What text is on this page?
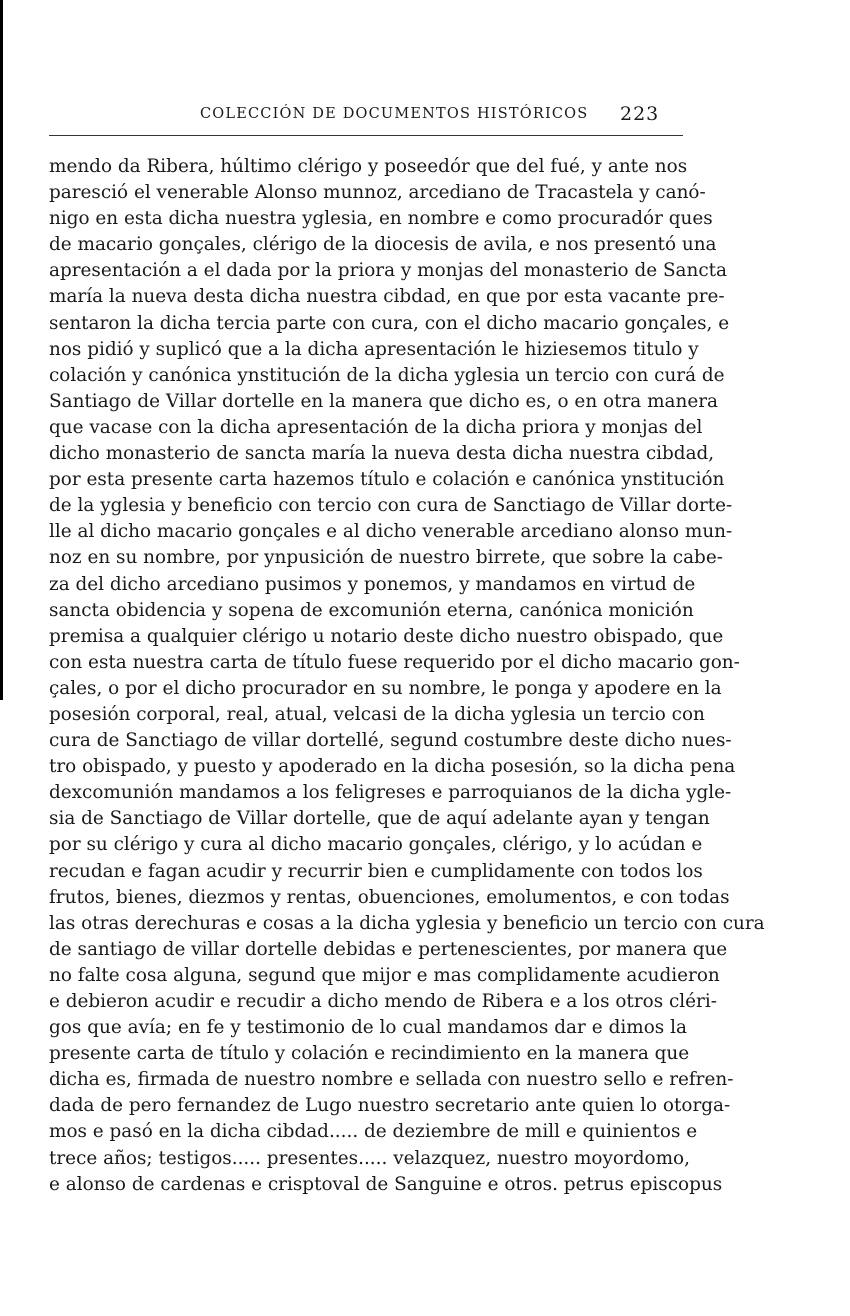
COLECCIÓN DE DOCUMENTOS HISTÓRICOS 223
mendo da Ribera, húltimo clérigo y poseedór que del fué, y ante nos
paresció el venerable Alonso munnoz, arcediano de Tracastela y canó-
nigo en esta dicha nuestra yglesia, en nombre e como procuradór ques
de macario gonçales, clérigo de la diocesis de avila, e nos presentó una
apresentación a el dada por la priora y monjas del monasterio de Sancta
maría la nueva desta dicha nuestra cibdad, en que por esta vacante pre-
sentaron la dicha tercia parte con cura, con el dicho macario gonçales, e
nos pidió y suplicó que a la dicha apresentación le hiziesemos titulo y
colación y canónica ynstitución de la dicha yglesia un tercio con curá de
Santiago de Villar dortelle en la manera que dicho es, o en otra manera
que vacase con la dicha apresentación de la dicha priora y monjas del
dicho monasterio de sancta maría la nueva desta dicha nuestra cibdad,
por esta presente carta hazemos título e colación e canónica ynstitución
de la yglesia y beneficio con tercio con cura de Sanctiago de Villar dorte-
lle al dicho macario gonçales e al dicho venerable arcediano alonso mun-
noz en su nombre, por ynpusición de nuestro birrete, que sobre la cabe-
za del dicho arcediano pusimos y ponemos, y mandamos en virtud de
sancta obidencia y sopena de excomunión eterna, canónica monición
premisa a qualquier clérigo u notario deste dicho nuestro obispado, que
con esta nuestra carta de título fuese requerido por el dicho macario gon-
çales, o por el dicho procurador en su nombre, le ponga y apodere en la
posesión corporal, real, atual, velcasi de la dicha yglesia un tercio con
cura de Sanctiago de villar dortellé, segund costumbre deste dicho nues-
tro obispado, y puesto y apoderado en la dicha posesión, so la dicha pena
dexcomunión mandamos a los feligreses e parroquianos de la dicha ygle-
sia de Sanctiago de Villar dortelle, que de aquí adelante ayan y tengan
por su clérigo y cura al dicho macario gonçales, clérigo, y lo acúdan e
recudan e fagan acudir y recurrir bien e cumplidamente con todos los
frutos, bienes, diezmos y rentas, obuenciones, emolumentos, e con todas
las otras derechuras e cosas a la dicha yglesia y beneficio un tercio con cura
de santiago de villar dortelle debidas e pertenescientes, por manera que
no falte cosa alguna, segund que mijor e mas complidamente acudieron
e debieron acudir e recudir a dicho mendo de Ribera e a los otros cléri-
gos que avía; en fe y testimonio de lo cual mandamos dar e dimos la
presente carta de título y colación e recindimiento en la manera que
dicha es, firmada de nuestro nombre e sellada con nuestro sello e refren-
dada de pero fernandez de Lugo nuestro secretario ante quien lo otorga-
mos e pasó en la dicha cibdad..... de deziembre de mill e quinientos e
trece años; testigos..... presentes..... velazquez, nuestro moyordomo,
e alonso de cardenas e crisptoval de Sanguine e otros. petrus episcopus
